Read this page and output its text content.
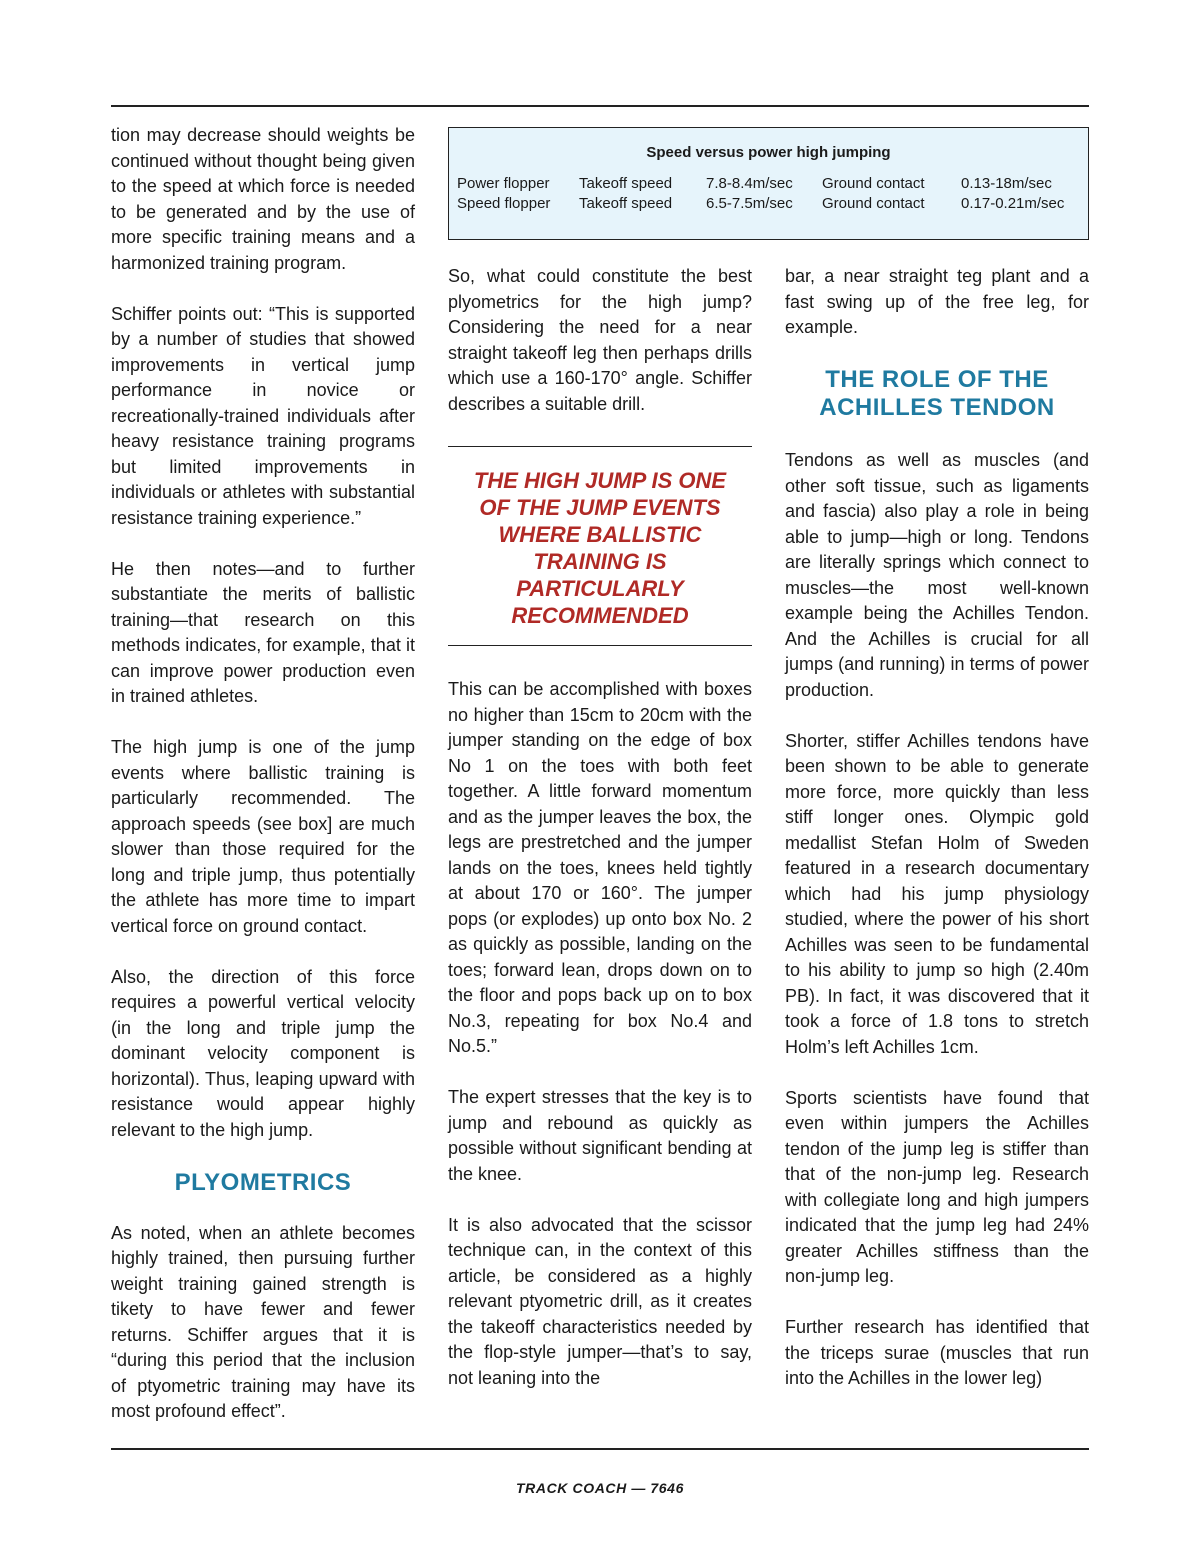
tion may decrease should weights be continued without thought being given to the speed at which force is needed to be generated and by the use of more specific training means and a harmonized training program.

Schiffer points out: “This is supported by a number of studies that showed improvements in vertical jump performance in novice or recreationally-trained individuals after heavy resistance training programs but limited improvements in individuals or athletes with substantial resistance training experience.”

He then notes—and to further substantiate the merits of ballistic training—that research on this methods indicates, for example, that it can improve power production even in trained athletes.

The high jump is one of the jump events where ballistic training is particularly recommended. The approach speeds (see box] are much slower than those required for the long and triple jump, thus potentially the athlete has more time to impart vertical force on ground contact.

Also, the direction of this force requires a powerful vertical velocity (in the long and triple jump the dominant velocity component is horizontal). Thus, leaping upward with resistance would appear highly relevant to the high jump.

PLYOMETRICS

As noted, when an athlete becomes highly trained, then pursuing further weight training gained strength is tikety to have fewer and fewer returns. Schiffer argues that it is “during this period that the inclusion of ptyometric training may have its most profound effect”.

Speed versus power high jumping
Power flopper	Takeoff speed	7.8-8.4m/sec	Ground contact	0.13-18m/sec
Speed flopper	Takeoff speed	6.5-7.5m/sec	Ground contact	0.17-0.21m/sec

So, what could constitute the best plyometrics for the high jump? Considering the need for a near straight takeoff leg then perhaps drills which use a 160-170° angle. Schiffer describes a suitable drill.

THE HIGH JUMP IS ONE OF THE JUMP EVENTS WHERE BALLISTIC TRAINING IS PARTICULARLY RECOMMENDED

This can be accomplished with boxes no higher than 15cm to 20cm with the jumper standing on the edge of box No 1 on the toes with both feet together. A little forward momentum and as the jumper leaves the box, the legs are prestretched and the jumper lands on the toes, knees held tightly at about 170 or 160°. The jumper pops (or explodes) up onto box No. 2 as quickly as possible, landing on the toes; forward lean, drops down on to the floor and pops back up on to box No.3, repeating for box No.4 and No.5.”

The expert stresses that the key is to jump and rebound as quickly as possible without significant bending at the knee.

It is also advocated that the scissor technique can, in the context of this article, be considered as a highly relevant ptyometric drill, as it creates the takeoff characteristics needed by the flop-style jumper—that’s to say, not leaning into the

bar, a near straight teg plant and a fast swing up of the free leg, for example.

THE ROLE OF THE ACHILLES TENDON

Tendons as well as muscles (and other soft tissue, such as ligaments and fascia) also play a role in being able to jump—high or long. Tendons are literally springs which connect to muscles—the most well-known example being the Achilles Tendon. And the Achilles is crucial for all jumps (and running) in terms of power production.

Shorter, stiffer Achilles tendons have been shown to be able to generate more force, more quickly than less stiff longer ones. Olympic gold medallist Stefan Holm of Sweden featured in a research documentary which had his jump physiology studied, where the power of his short Achilles was seen to be fundamental to his ability to jump so high (2.40m PB). In fact, it was discovered that it took a force of 1.8 tons to stretch Holm’s left Achilles 1cm.

Sports scientists have found that even within jumpers the Achilles tendon of the jump leg is stiffer than that of the non-jump leg. Research with collegiate long and high jumpers indicated that the jump leg had 24% greater Achilles stiffness than the non-jump leg.

Further research has identified that the triceps surae (muscles that run into the Achilles in the lower leg)

TRACK COACH — 7646
